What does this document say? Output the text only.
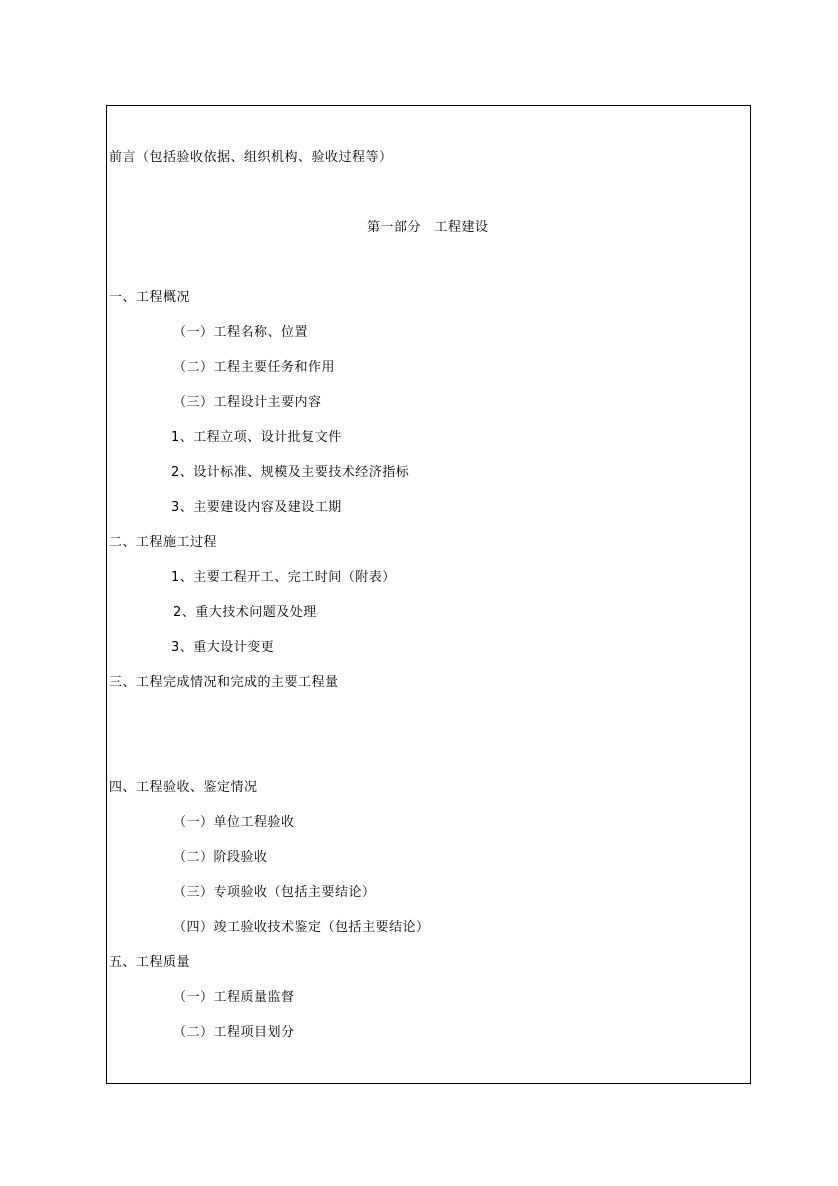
前言（包括验收依据、组织机构、验收过程等）
第一部分　工程建设
一、工程概况
（一）工程名称、位置
（二）工程主要任务和作用
（三）工程设计主要内容
1、工程立项、设计批复文件
2、设计标准、规模及主要技术经济指标
3、主要建设内容及建设工期
二、工程施工过程
1、主要工程开工、完工时间（附表）
2、重大技术问题及处理
3、重大设计变更
三、工程完成情况和完成的主要工程量
四、工程验收、鉴定情况
（一）单位工程验收
（二）阶段验收
（三）专项验收（包括主要结论）
（四）竣工验收技术鉴定（包括主要结论）
五、工程质量
（一）工程质量监督
（二）工程项目划分
